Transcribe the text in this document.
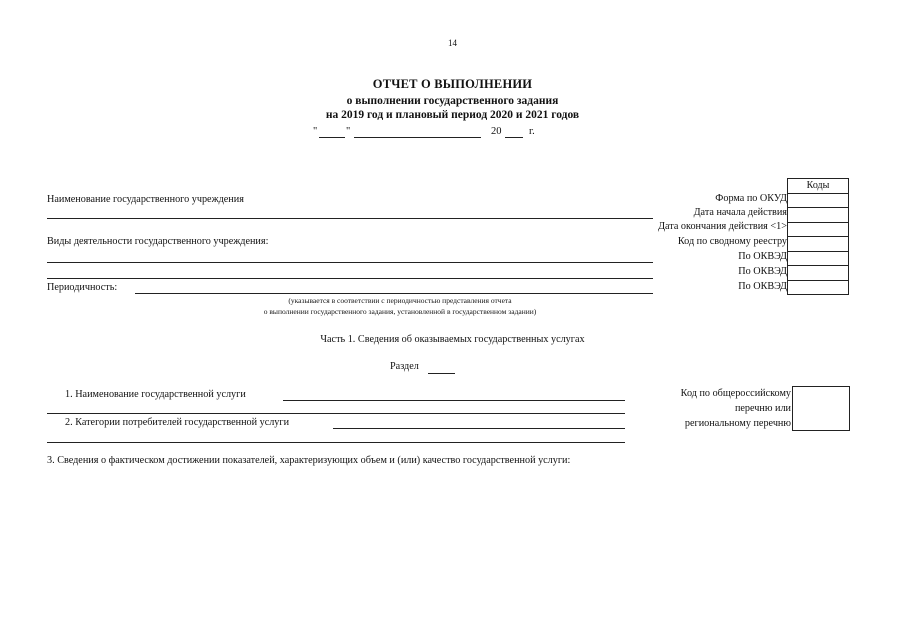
14
ОТЧЕТ О ВЫПОЛНЕНИИ
о выполнении государственного задания
на 2019 год и плановый период 2020 и 2021 годов
"	"	20	г.
Коды

Форма по ОКУД
Дата начала действия
Дата окончания действия <1>
Код по сводному реестру
По ОКВЭД
По ОКВЭД
По ОКВЭД
Наименование государственного учреждения
Виды деятельности государственного учреждения:
Периодичность:
(указывается в соответствии с периодичностью представления отчета
о выполнении государственного задания, установленной в государственном задании)
Часть 1. Сведения об оказываемых государственных услугах
Раздел
1. Наименование государственной услуги
2. Категории потребителей государственной услуги
Код по общероссийскому
перечню или
региональному перечню
3. Сведения о фактическом достижении показателей, характеризующих объем и (или) качество государственной услуги:
